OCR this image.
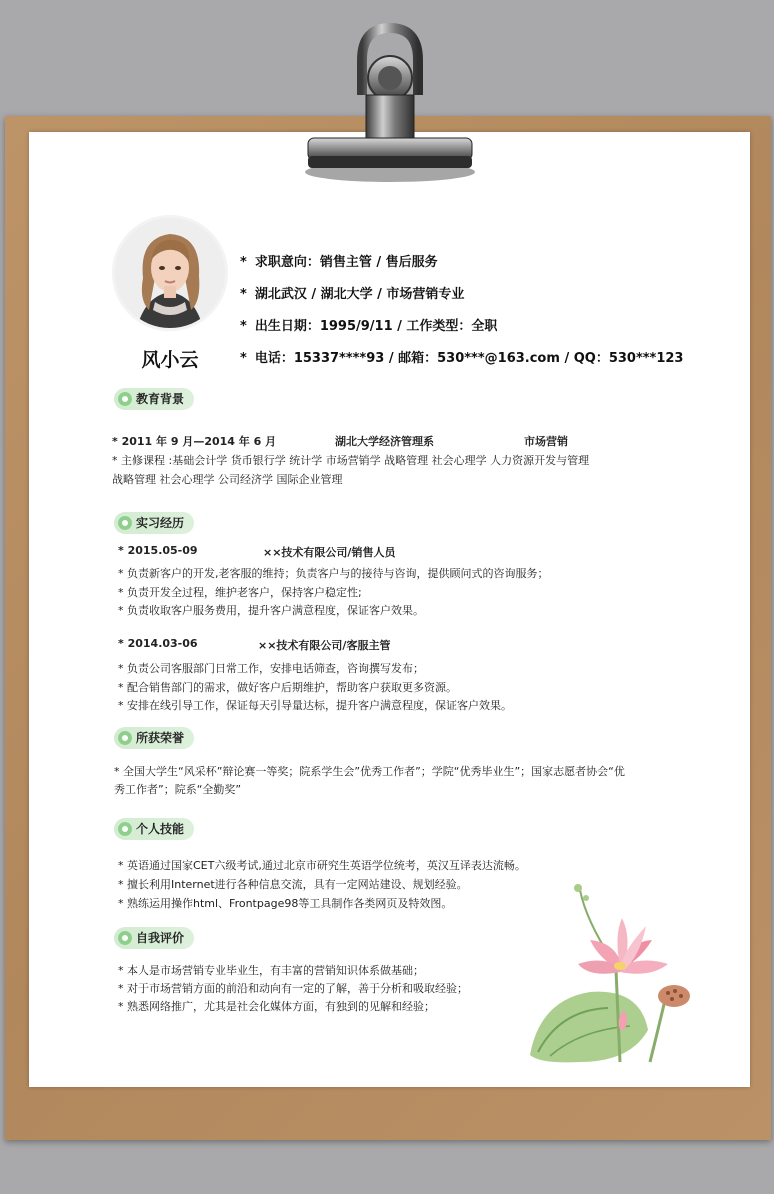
风小云
* 求职意向：销售主管 / 售后服务
* 湖北武汉 / 湖北大学 / 市场营销专业
* 出生日期：1995/9/11 / 工作类型：全职
* 电话：15337****93 / 邮箱：530***@163.com / QQ：530***123
教育背景
* 2011 年 9 月—2014 年 6 月	湖北大学经济管理系	市场营销
* 主修课程 :基础会计学 货币银行学 统计学 市场营销学 战略管理 社会心理学 人力资源开发与管理
战略管理 社会心理学 公司经济学 国际企业管理
实习经历
* 2015.05-09	××技术有限公司/销售人员
* 负责新客户的开发,老客服的维持；负责客户与的接待与咨询，提供顾问式的咨询服务；
* 负责开发全过程，维护老客户，保持客户稳定性;
* 负责收取客户服务费用，提升客户满意程度，保证客户效果。
* 2014.03-06	××技术有限公司/客服主管
* 负责公司客服部门日常工作，安排电话筛查，咨询撰写发布；
* 配合销售部门的需求，做好客户后期维护，帮助客户获取更多资源。
* 安排在线引导工作，保证每天引导量达标，提升客户满意程度，保证客户效果。
所获荣誉
* 全国大学生“风采杯”辩论赛一等奖；院系学生会”优秀工作者”；学院“优秀毕业生”；国家志愿者协会“优
秀工作者”；院系“全勤奖”
个人技能
* 英语通过国家CET六级考试,通过北京市研究生英语学位统考，英汉互译表达流畅。
* 擅长利用Internet进行各种信息交流，具有一定网站建设、规划经验。
* 熟练运用操作html、Frontpage98等工具制作各类网页及特效图。
自我评价
* 本人是市场营销专业毕业生，有丰富的营销知识体系做基础；
* 对于市场营销方面的前沿和动向有一定的了解，善于分析和吸取经验；
* 熟悉网络推广，尤其是社会化媒体方面，有独到的见解和经验；
